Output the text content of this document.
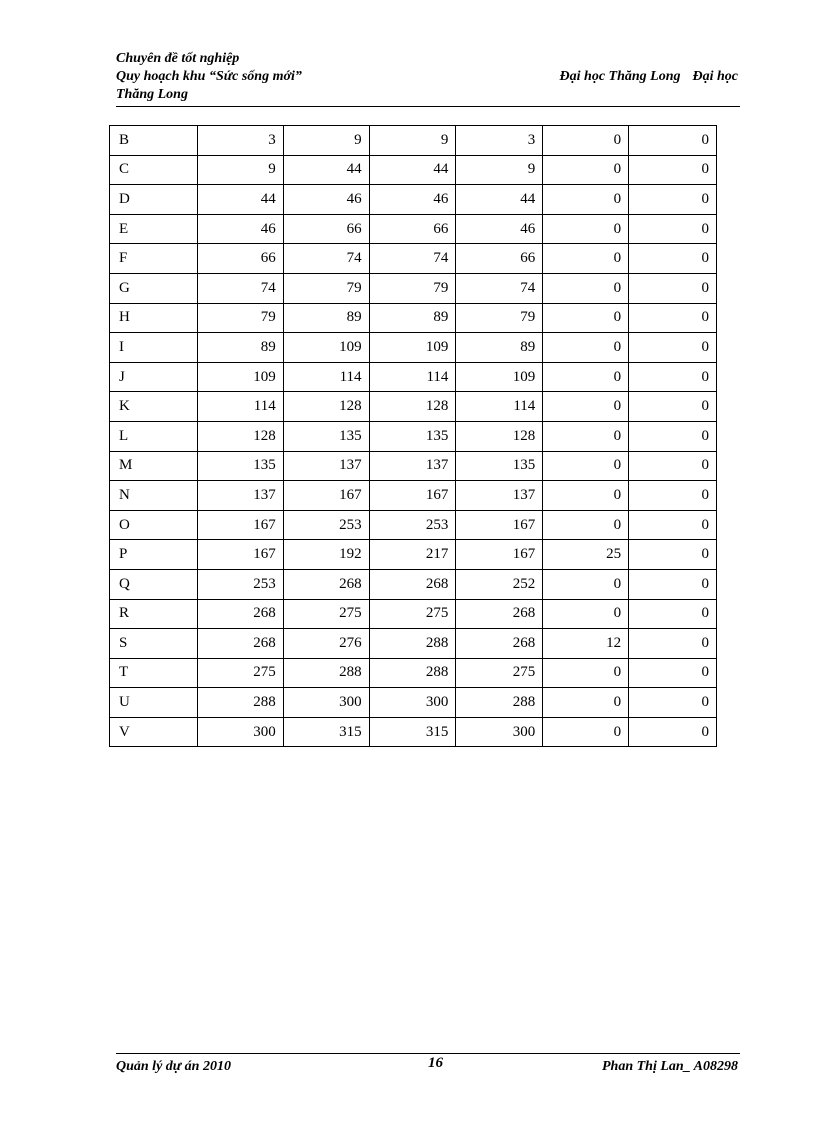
Chuyên đề tốt nghiệp
Quy hoạch khu “Sức sống mới”
Thăng Long
Đại học Thăng Long Đại học
B	3	9	9	3	0	0
C	9	44	44	9	0	0
D	44	46	46	44	0	0
E	46	66	66	46	0	0
F	66	74	74	66	0	0
G	74	79	79	74	0	0
H	79	89	89	79	0	0
I	89	109	109	89	0	0
J	109	114	114	109	0	0
K	114	128	128	114	0	0
L	128	135	135	128	0	0
M	135	137	137	135	0	0
N	137	167	167	137	0	0
O	167	253	253	167	0	0
P	167	192	217	167	25	0
Q	253	268	268	252	0	0
R	268	275	275	268	0	0
S	268	276	288	268	12	0
T	275	288	288	275	0	0
U	288	300	300	288	0	0
V	300	315	315	300	0	0
Quản lý dự án 2010	16	Phan Thị Lan_ A08298
